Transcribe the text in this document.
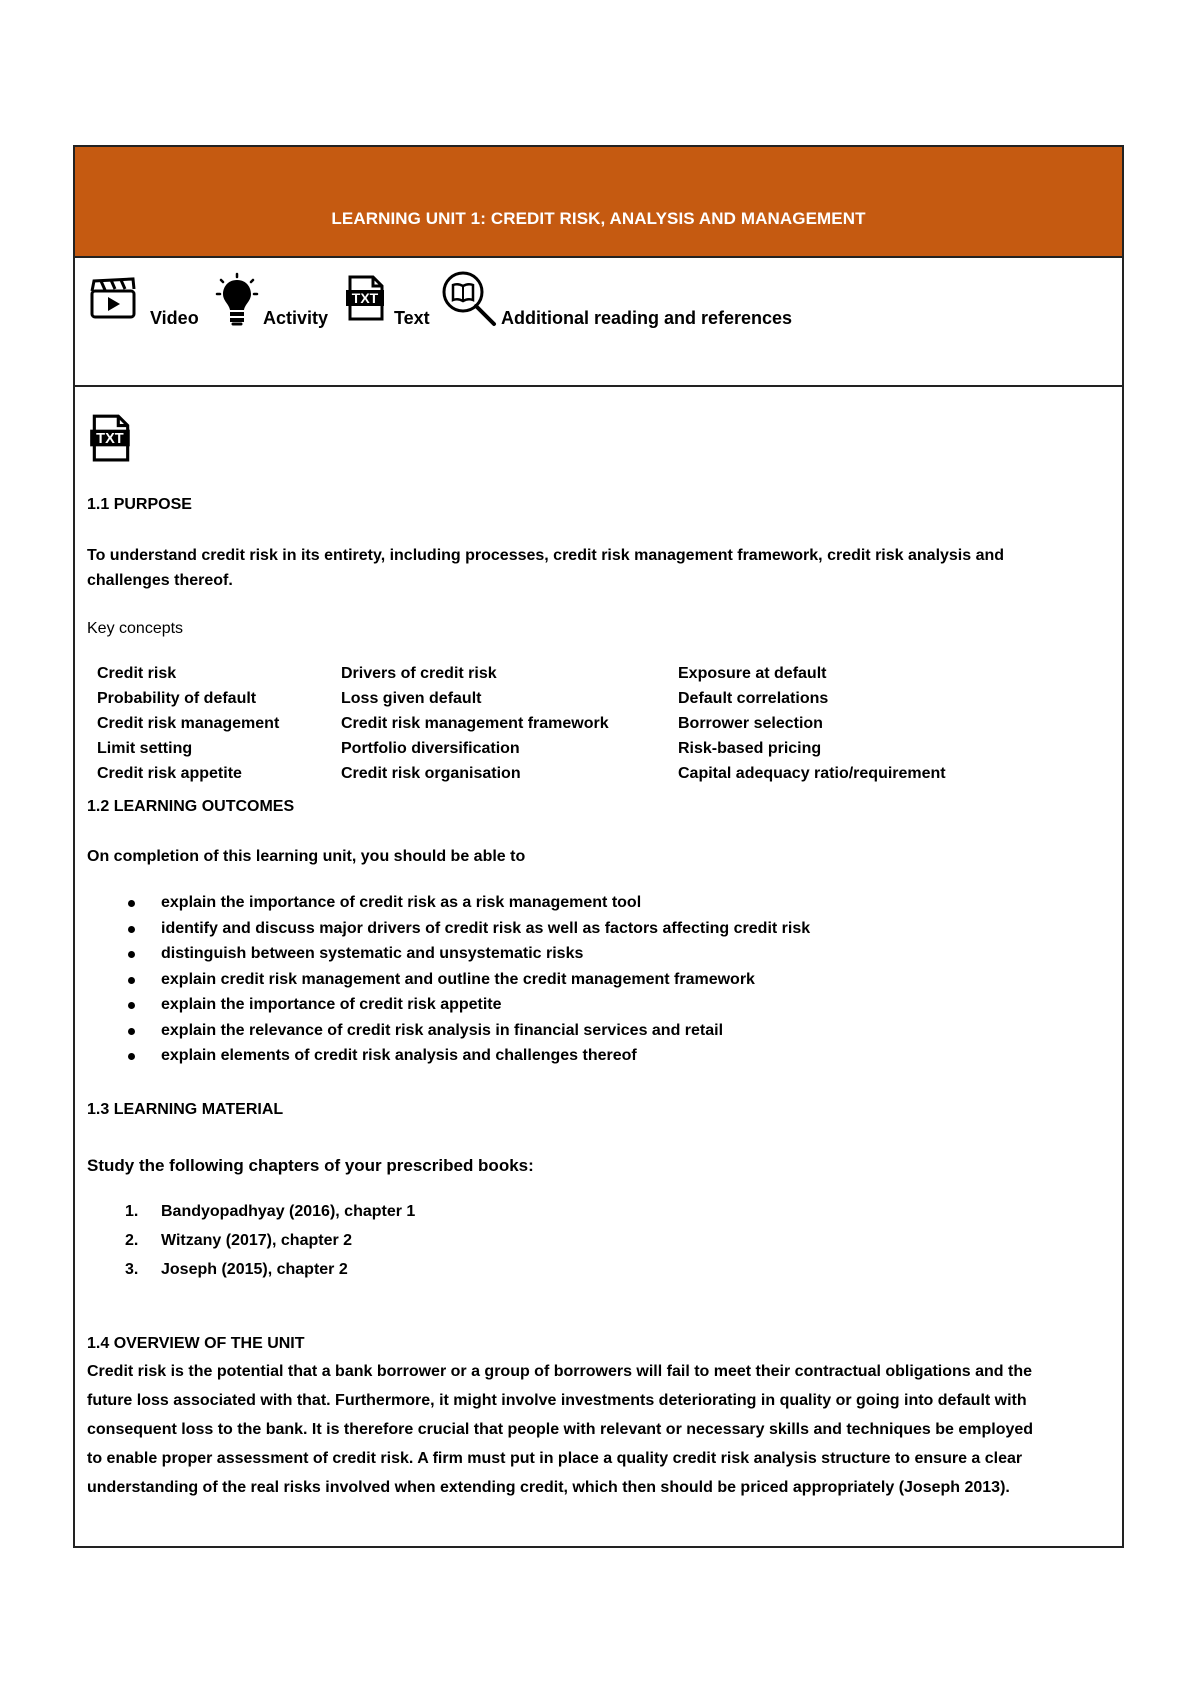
LEARNING UNIT 1: CREDIT RISK, ANALYSIS AND MANAGEMENT
Video	Activity
TXT
Text	Additional reading and references
TXT
1.1 PURPOSE
To understand credit risk in its entirety, including processes, credit risk management framework, credit risk analysis and
challenges thereof.
Key concepts
Credit risk
Probability of default
Credit risk management
Limit setting
Credit risk appetite
Drivers of credit risk
Loss given default
Credit risk management framework
Portfolio diversification
Credit risk organisation
Exposure at default
Default correlations
Borrower selection
Risk-based pricing
Capital adequacy ratio/requirement
1.2 LEARNING OUTCOMES
On completion of this learning unit, you should be able to
explain the importance of credit risk as a risk management tool
identify and discuss major drivers of credit risk as well as factors affecting credit risk
distinguish between systematic and unsystematic risks
explain credit risk management and outline the credit management framework
explain the importance of credit risk appetite
explain the relevance of credit risk analysis in financial services and retail
explain elements of credit risk analysis and challenges thereof
1.3 LEARNING MATERIAL
Study the following chapters of your prescribed books:
1. Bandyopadhyay (2016), chapter 1
2. Witzany (2017), chapter 2
3. Joseph (2015), chapter 2
1.4 OVERVIEW OF THE UNIT
Credit risk is the potential that a bank borrower or a group of borrowers will fail to meet their contractual obligations and the
future loss associated with that. Furthermore, it might involve investments deteriorating in quality or going into default with
consequent loss to the bank. It is therefore crucial that people with relevant or necessary skills and techniques be employed
to enable proper assessment of credit risk. A firm must put in place a quality credit risk analysis structure to ensure a clear
understanding of the real risks involved when extending credit, which then should be priced appropriately (Joseph 2013).
